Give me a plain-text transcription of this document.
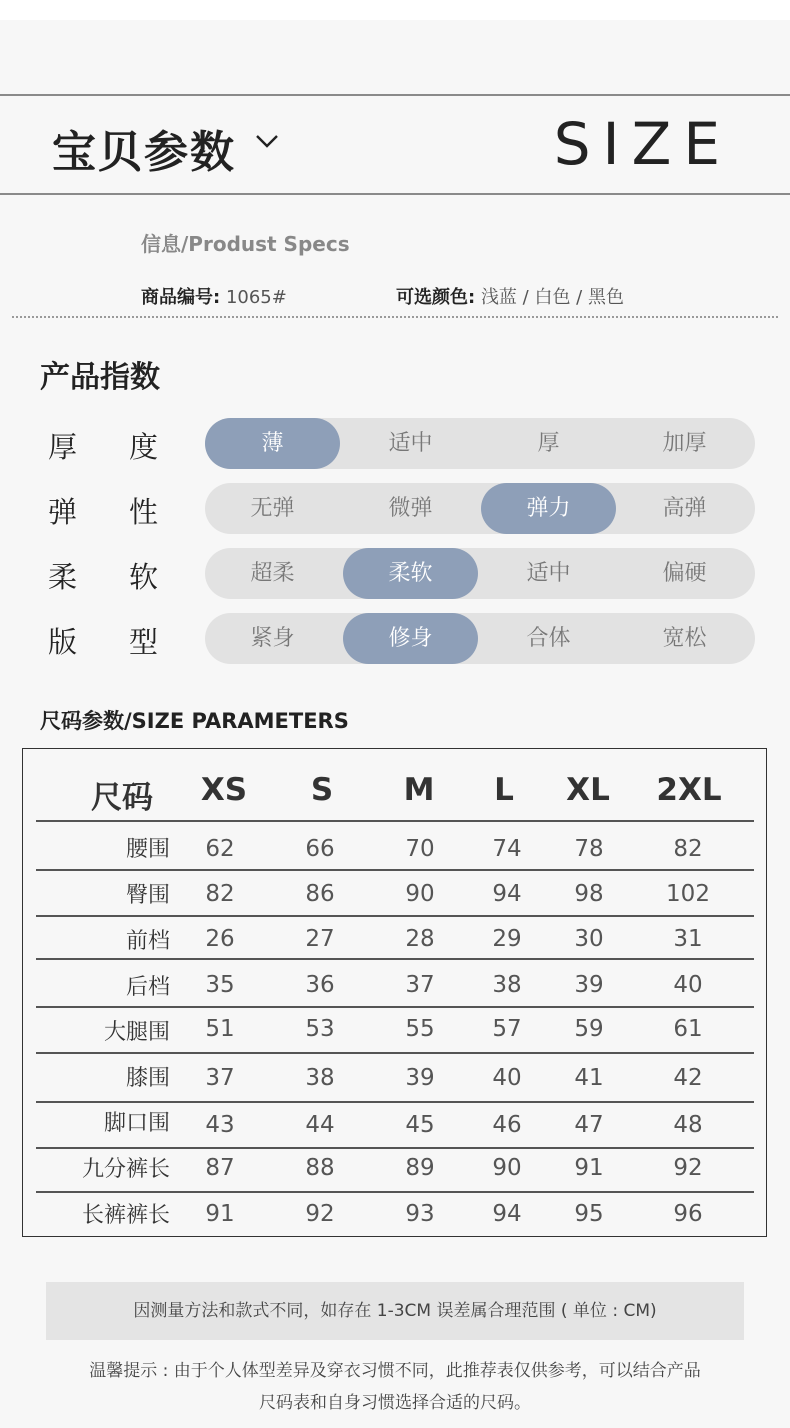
宝贝参数	SIZE
信息/Produst Specs
商品编号: 1065#	可选颜色: 浅蓝 / 白色 / 黑色
产品指数
厚 度	薄	适中	厚	加厚
弹 性	无弹	微弹	弹力	高弹
柔 软	超柔	柔软	适中	偏硬
版 型	紧身	修身	合体	宽松
尺码参数/SIZE PARAMETERS
尺码	XS	S	M	L	XL	2XL
腰围	62	66	70	74	78	82
臀围	82	86	90	94	98	102
前档	26	27	28	29	30	31
后档	35	36	37	38	39	40
大腿围	51	53	55	57	59	61
膝围	37	38	39	40	41	42
脚口围	43	44	45	46	47	48
九分裤长	87	88	89	90	91	92
长裤裤长	91	92	93	94	95	96
因测量方法和款式不同，如存在 1-3CM 误差属合理范围 ( 单位 : CM)
温馨提示 : 由于个人体型差异及穿衣习惯不同，此推荐表仅供参考，可以结合产品
尺码表和自身习惯选择合适的尺码。
